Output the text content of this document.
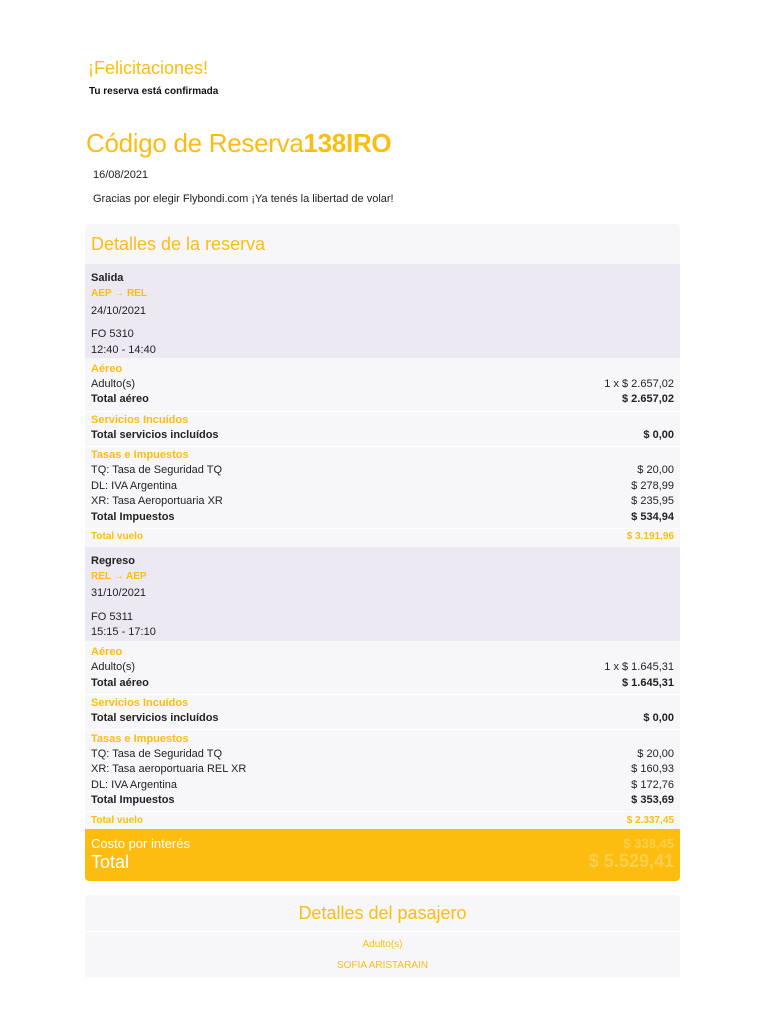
¡Felicitaciones!
Tu reserva está confirmada
Código de Reserva138IRO
16/08/2021
Gracias por elegir Flybondi.com ¡Ya tenés la libertad de volar!
Detalles de la reserva
Salida
AEP → REL
24/10/2021
FO 5310
12:40 - 14:40
Aéreo
Adulto(s)	1 x $ 2.657,02
Total aéreo	$ 2.657,02
Servicios Incuídos
Total servicios incluídos	$ 0,00
Tasas e Impuestos
TQ: Tasa de Seguridad TQ	$ 20,00
DL: IVA Argentina	$ 278,99
XR: Tasa Aeroportuaria XR	$ 235,95
Total Impuestos	$ 534,94
Total vuelo	$ 3.191,96
Regreso
REL → AEP
31/10/2021
FO 5311
15:15 - 17:10
Aéreo
Adulto(s)	1 x $ 1.645,31
Total aéreo	$ 1.645,31
Servicios Incuídos
Total servicios incluídos	$ 0,00
Tasas e Impuestos
TQ: Tasa de Seguridad TQ	$ 20,00
XR: Tasa aeroportuaria REL XR	$ 160,93
DL: IVA Argentina	$ 172,76
Total Impuestos	$ 353,69
Total vuelo	$ 2.337,45
Costo por interés	$ 338,45
Total	$ 5.529,41
Detalles del pasajero
Adulto(s)
SOFIA ARISTARAIN
